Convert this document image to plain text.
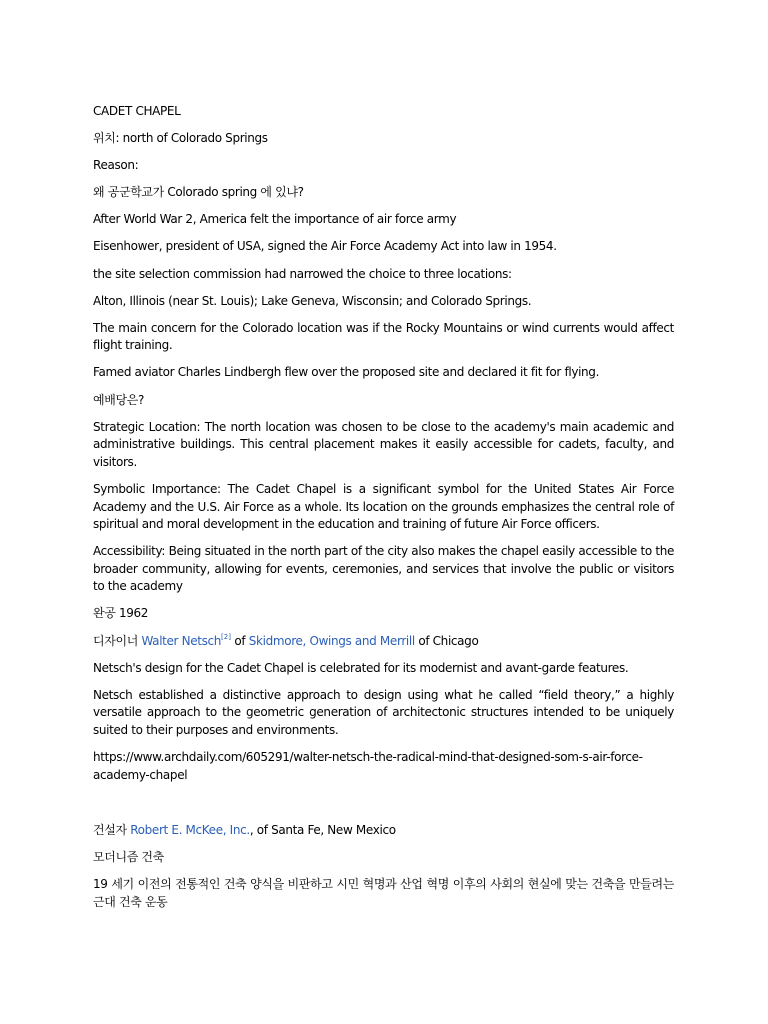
CADET CHAPEL

위치: north of Colorado Springs

Reason:

왜 공군학교가 Colorado spring 에 있냐?

After World War 2, America felt the importance of air force army

Eisenhower, president of USA, signed the Air Force Academy Act into law in 1954.

the site selection commission had narrowed the choice to three locations:

Alton, Illinois (near St. Louis); Lake Geneva, Wisconsin; and Colorado Springs.

The main concern for the Colorado location was if the Rocky Mountains or wind currents would affect flight training.

Famed aviator Charles Lindbergh flew over the proposed site and declared it fit for flying.

예배당은?

Strategic Location: The north location was chosen to be close to the academy's main academic and administrative buildings. This central placement makes it easily accessible for cadets, faculty, and visitors.

Symbolic Importance: The Cadet Chapel is a significant symbol for the United States Air Force Academy and the U.S. Air Force as a whole. Its location on the grounds emphasizes the central role of spiritual and moral development in the education and training of future Air Force officers.

Accessibility: Being situated in the north part of the city also makes the chapel easily accessible to the broader community, allowing for events, ceremonies, and services that involve the public or visitors to the academy

완공 1962

디자이너 Walter Netsch[2] of Skidmore, Owings and Merrill of Chicago

Netsch's design for the Cadet Chapel is celebrated for its modernist and avant-garde features.

Netsch established a distinctive approach to design using what he called “field theory,” a highly versatile approach to the geometric generation of architectonic structures intended to be uniquely suited to their purposes and environments.

https://www.archdaily.com/605291/walter-netsch-the-radical-mind-that-designed-som-s-air-force-academy-chapel

건설자 Robert E. McKee, Inc., of Santa Fe, New Mexico

모더니즘 건축

19 세기 이전의 전통적인 건축 양식을 비판하고 시민 혁명과 산업 혁명 이후의 사회의 현실에 맞는 건축을 만들려는 근대 건축 운동
